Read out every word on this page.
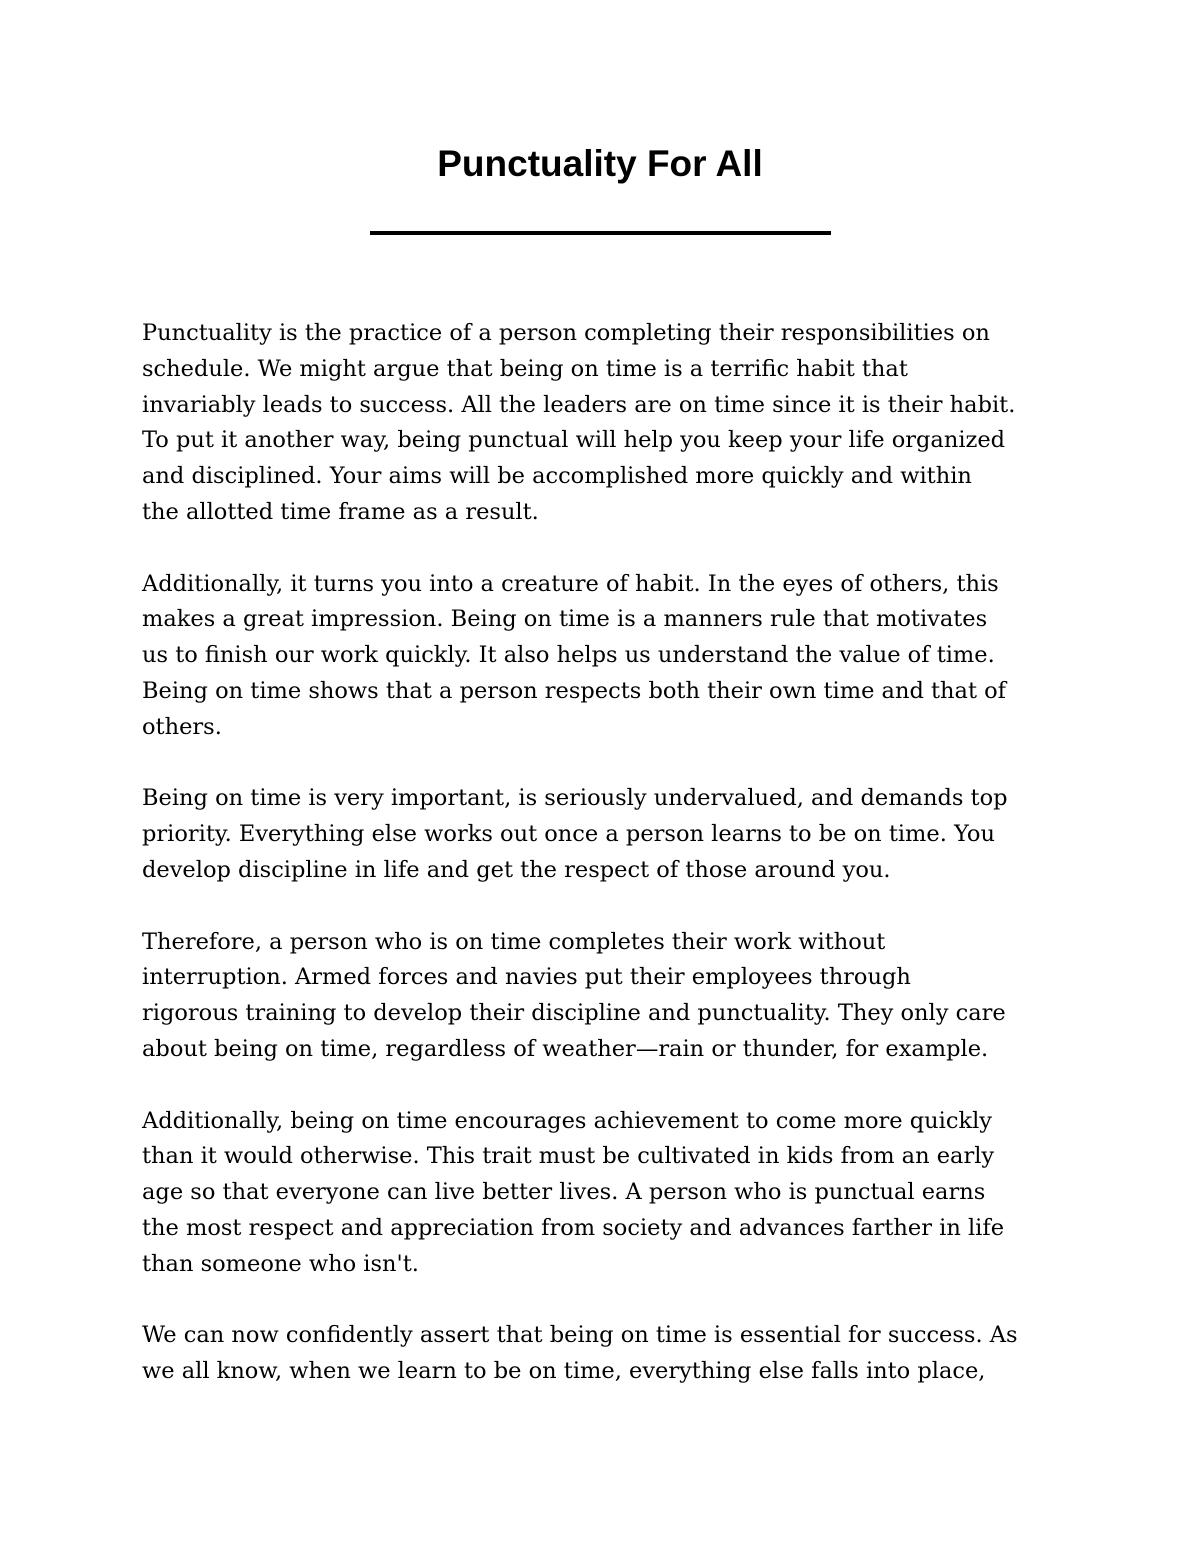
Punctuality For All

Punctuality is the practice of a person completing their responsibilities on
schedule. We might argue that being on time is a terrific habit that
invariably leads to success. All the leaders are on time since it is their habit.
To put it another way, being punctual will help you keep your life organized
and disciplined. Your aims will be accomplished more quickly and within
the allotted time frame as a result.

Additionally, it turns you into a creature of habit. In the eyes of others, this
makes a great impression. Being on time is a manners rule that motivates
us to finish our work quickly. It also helps us understand the value of time.
Being on time shows that a person respects both their own time and that of
others.

Being on time is very important, is seriously undervalued, and demands top
priority. Everything else works out once a person learns to be on time. You
develop discipline in life and get the respect of those around you.

Therefore, a person who is on time completes their work without
interruption. Armed forces and navies put their employees through
rigorous training to develop their discipline and punctuality. They only care
about being on time, regardless of weather—rain or thunder, for example.

Additionally, being on time encourages achievement to come more quickly
than it would otherwise. This trait must be cultivated in kids from an early
age so that everyone can live better lives. A person who is punctual earns
the most respect and appreciation from society and advances farther in life
than someone who isn't.

We can now confidently assert that being on time is essential for success. As
we all know, when we learn to be on time, everything else falls into place,
